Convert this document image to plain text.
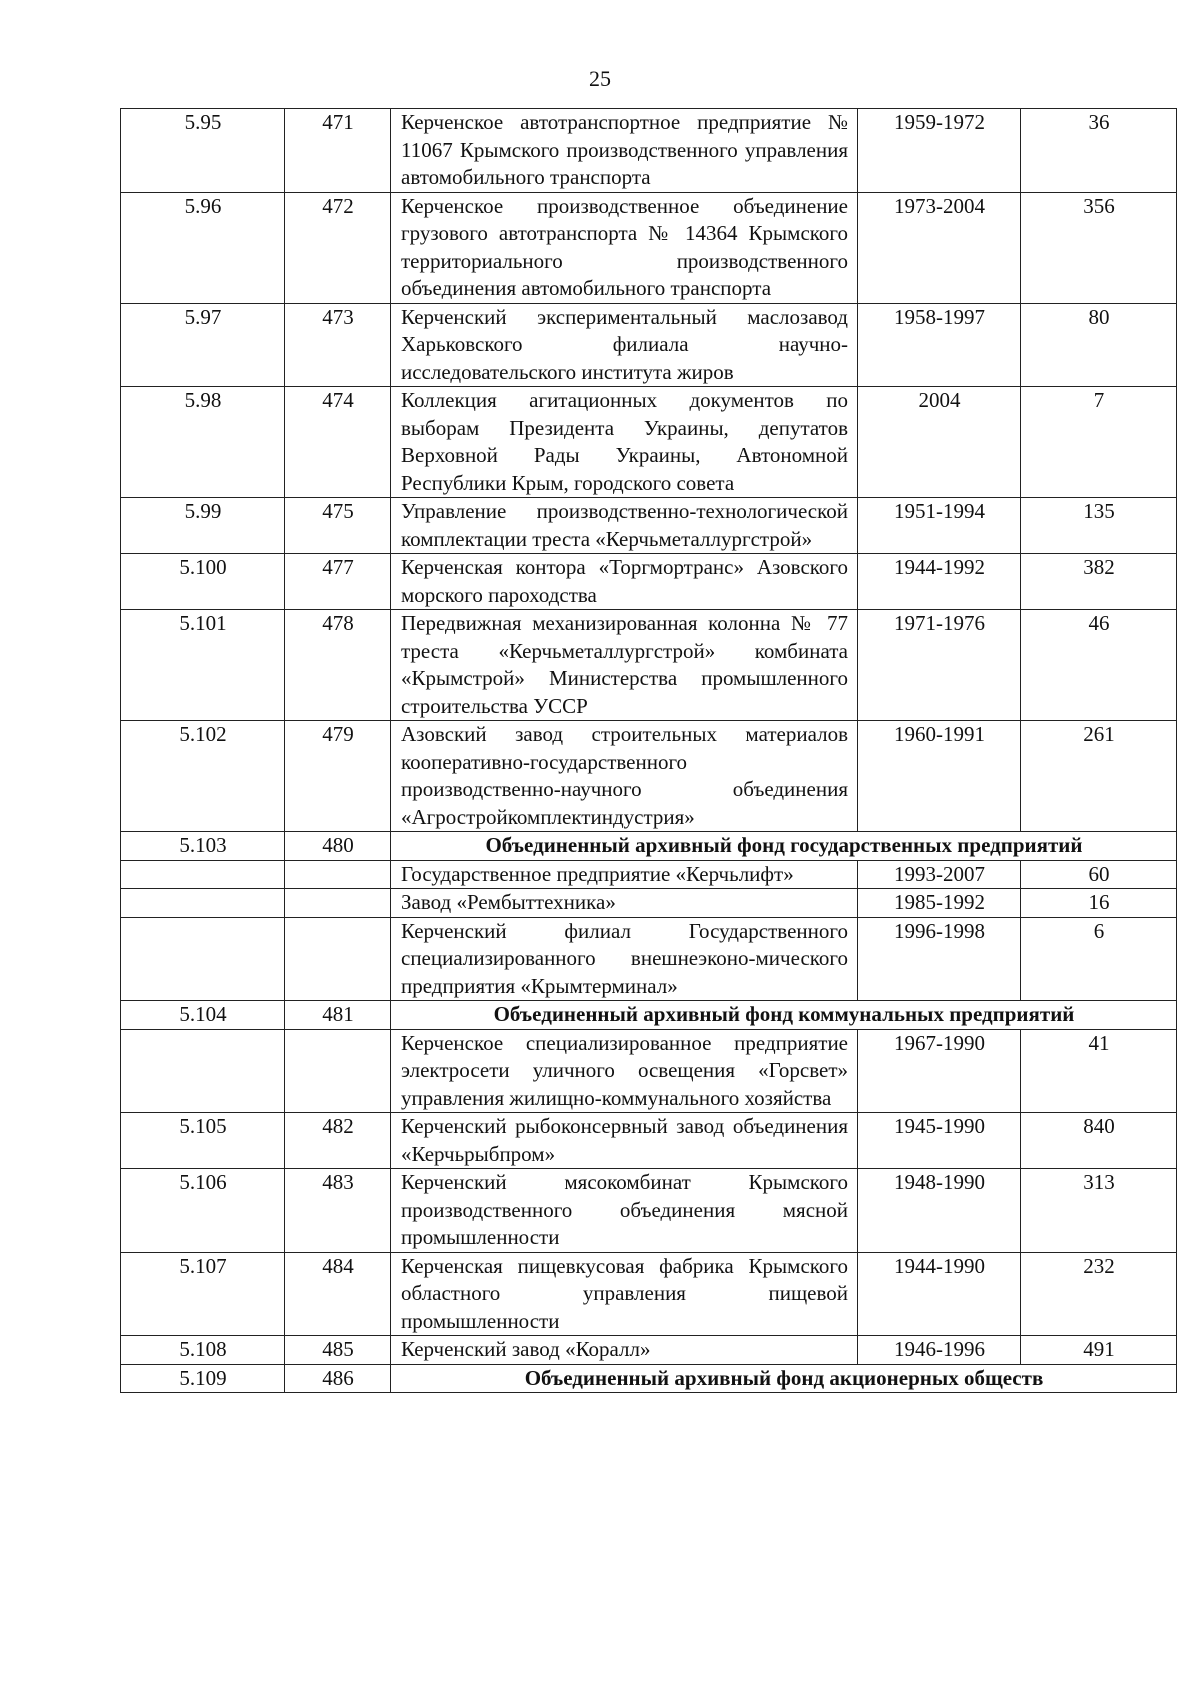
25
5.95	471	Керченское автотранспортное предприятие № 11067 Крымского производственного управления автомобильного транспорта	1959-1972	36
5.96	472	Керченское производственное объединение грузового автотранспорта № 14364 Крымского территориального производственного объединения автомобильного транспорта	1973-2004	356
5.97	473	Керченский экспериментальный маслозавод Харьковского филиала научно-исследовательского института жиров	1958-1997	80
5.98	474	Коллекция агитационных документов по выборам Президента Украины, депутатов Верховной Рады Украины, Автономной Республики Крым, городского совета	2004	7
5.99	475	Управление производственно-технологической комплектации треста «Керчьметаллургстрой»	1951-1994	135
5.100	477	Керченская контора «Торгмортранс» Азовского морского пароходства	1944-1992	382
5.101	478	Передвижная механизированная колонна № 77 треста «Керчьметаллургстрой» комбината «Крымстрой» Министерства промышленного строительства УССР	1971-1976	46
5.102	479	Азовский завод строительных материалов кооперативно-государственного производственно-научного объединения «Агростройкомплектиндустрия»	1960-1991	261
5.103	480	Объединенный архивный фонд государственных предприятий		
		Государственное предприятие «Керчьлифт»	1993-2007	60
		Завод «Рембыттехника»	1985-1992	16
		Керченский филиал Государственного специализированного внешнеэконо-мического предприятия «Крымтерминал»	1996-1998	6
5.104	481	Объединенный архивный фонд коммунальных предприятий		
		Керченское специализированное предприятие электросети уличного освещения «Горсвет» управления жилищно-коммунального хозяйства	1967-1990	41
5.105	482	Керченский рыбоконсервный завод объединения «Керчьрыбпром»	1945-1990	840
5.106	483	Керченский мясокомбинат Крымского производственного объединения мясной промышленности	1948-1990	313
5.107	484	Керченская пищевкусовая фабрика Крымского областного управления пищевой промышленности	1944-1990	232
5.108	485	Керченский завод «Коралл»	1946-1996	491
5.109	486	Объединенный архивный фонд акционерных обществ		
